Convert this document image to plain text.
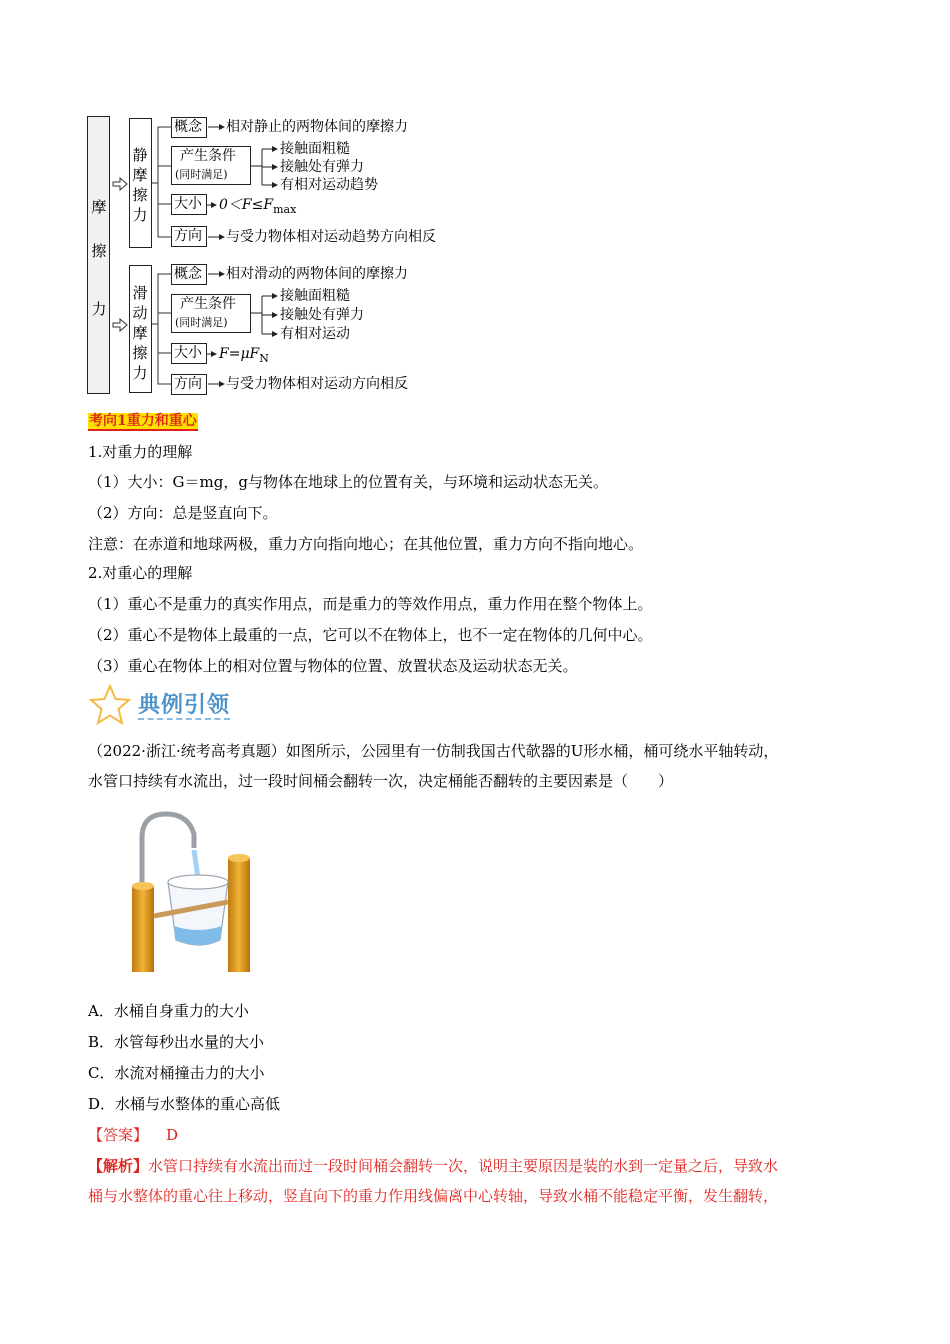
摩
擦
力
静
摩
擦
力
概念 相对静止的两物体间的摩擦力
产生条件
(同时满足)
接触面粗糙
接触处有弹力
有相对运动趋势
大小 $0<F\le F_{max}$
方向 与受力物体相对运动趋势方向相反
滑
动
摩
擦
力
概念 相对滑动的两物体间的摩擦力
产生条件
(同时满足)
接触面粗糙
接触处有弹力
有相对运动
大小 $F=\mu F_N$
方向 与受力物体相对运动方向相反
考向1重力和重心
1.对重力的理解
（1）大小：G＝mg，g与物体在地球上的位置有关，与环境和运动状态无关。
（2）方向：总是竖直向下。
注意：在赤道和地球两极，重力方向指向地心；在其他位置，重力方向不指向地心。
2.对重心的理解
（1）重心不是重力的真实作用点，而是重力的等效作用点，重力作用在整个物体上。
（2）重心不是物体上最重的一点，它可以不在物体上，也不一定在物体的几何中心。
（3）重心在物体上的相对位置与物体的位置、放置状态及运动状态无关。
典例引领
（2022·浙江·统考高考真题）如图所示，公园里有一仿制我国古代欹器的U形水桶，桶可绕水平轴转动，
水管口持续有水流出，过一段时间桶会翻转一次，决定桶能否翻转的主要因素是（　　）
A．水桶自身重力的大小
B．水管每秒出水量的大小
C．水流对桶撞击力的大小
D．水桶与水整体的重心高低
【答案】 D
【解析】水管口持续有水流出而过一段时间桶会翻转一次，说明主要原因是装的水到一定量之后，导致水
桶与水整体的重心往上移动，竖直向下的重力作用线偏离中心转轴，导致水桶不能稳定平衡，发生翻转，
